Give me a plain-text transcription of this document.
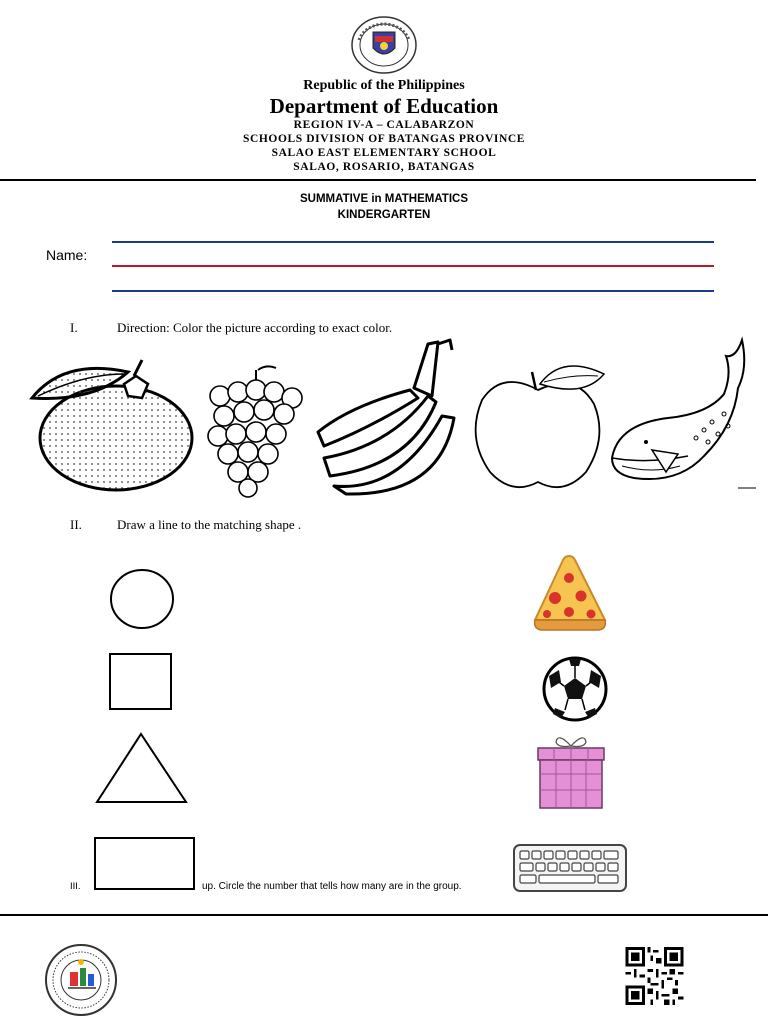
Republic of the Philippines
Department of Education
REGION IV-A – CALABARZON
SCHOOLS DIVISION OF BATANGAS PROVINCE
SALAO EAST ELEMENTARY SCHOOL
SALAO, ROSARIO, BATANGAS
SUMMATIVE in MATHEMATICS
KINDERGARTEN
Name:
I.	Direction: Color the picture according to exact color.
II.	Draw a line to the matching shape .
III.	up. Circle the number that tells how many are in the group.
